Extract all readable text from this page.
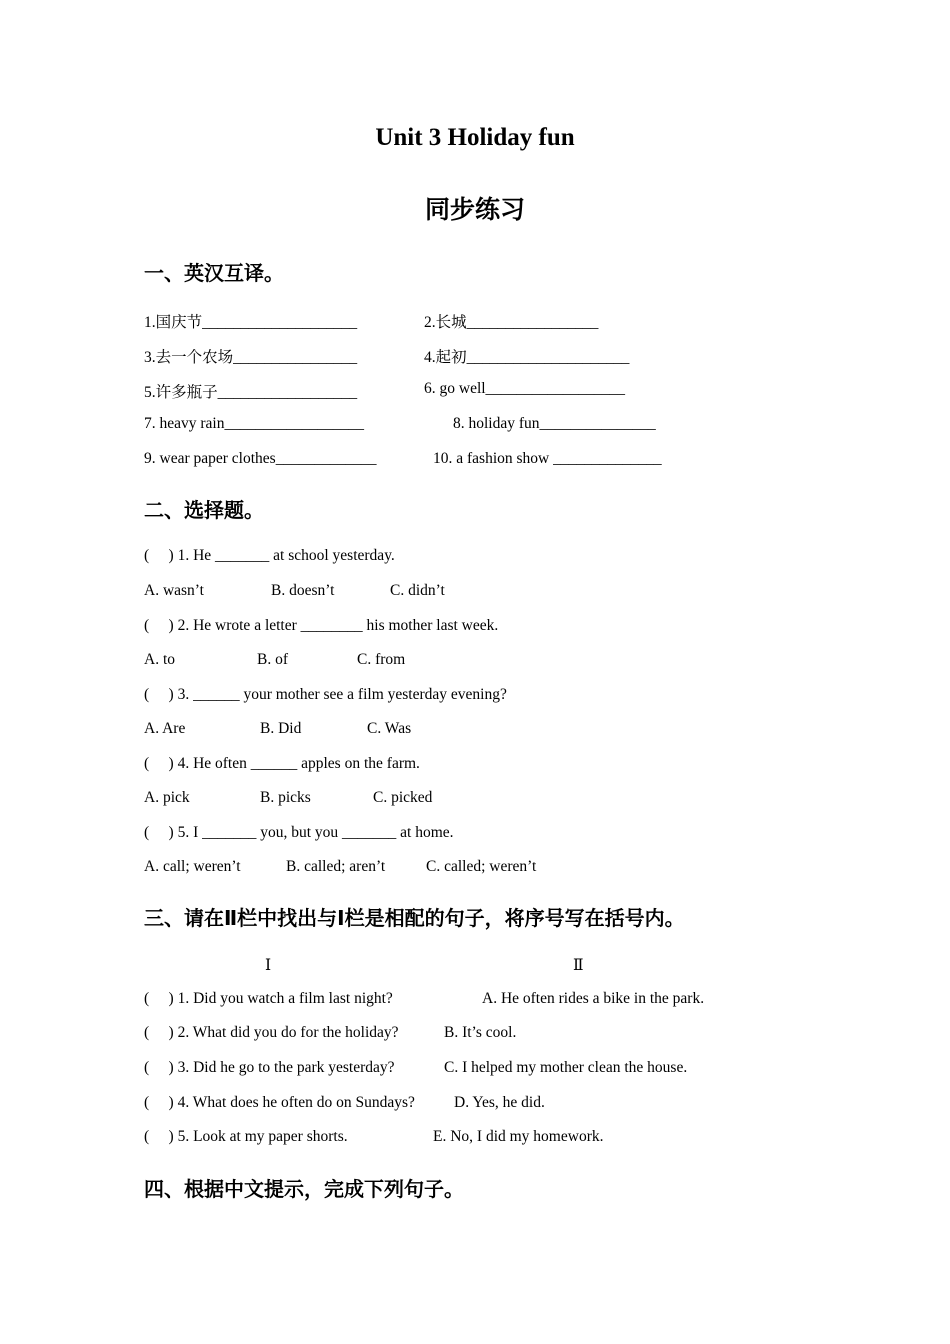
Unit 3 Holiday fun
同步练习
一、英汉互译。
1.国庆节____________________	2.长城_________________
3.去一个农场________________	4.起初_____________________
5.许多瓶子__________________	6. go well__________________
7. heavy rain__________________	8. holiday fun_______________
9. wear paper clothes_____________	10. a fashion show ______________
二、选择题。
(     ) 1. He _______ at school yesterday.
A. wasn’t	B. doesn’t	C. didn’t
(     ) 2. He wrote a letter ________ his mother last week.
A. to	B. of	C. from
(     ) 3. ______ your mother see a film yesterday evening?
A. Are	B. Did	C. Was
(     ) 4. He often ______ apples on the farm.
A. pick	B. picks	C. picked
(     ) 5. I _______ you, but you _______ at home.
A. call; weren’t	B. called; aren’t	C. called; weren’t
三、请在Ⅱ栏中找出与Ⅰ栏是相配的句子，将序号写在括号内。
Ⅰ	Ⅱ
(     ) 1. Did you watch a film last night?	A. He often rides a bike in the park.
(     ) 2. What did you do for the holiday?	B. It’s cool.
(     ) 3. Did he go to the park yesterday?	C. I helped my mother clean the house.
(     ) 4. What does he often do on Sundays?	D. Yes, he did.
(     ) 5. Look at my paper shorts.	E. No, I did my homework.
四、根据中文提示，完成下列句子。
